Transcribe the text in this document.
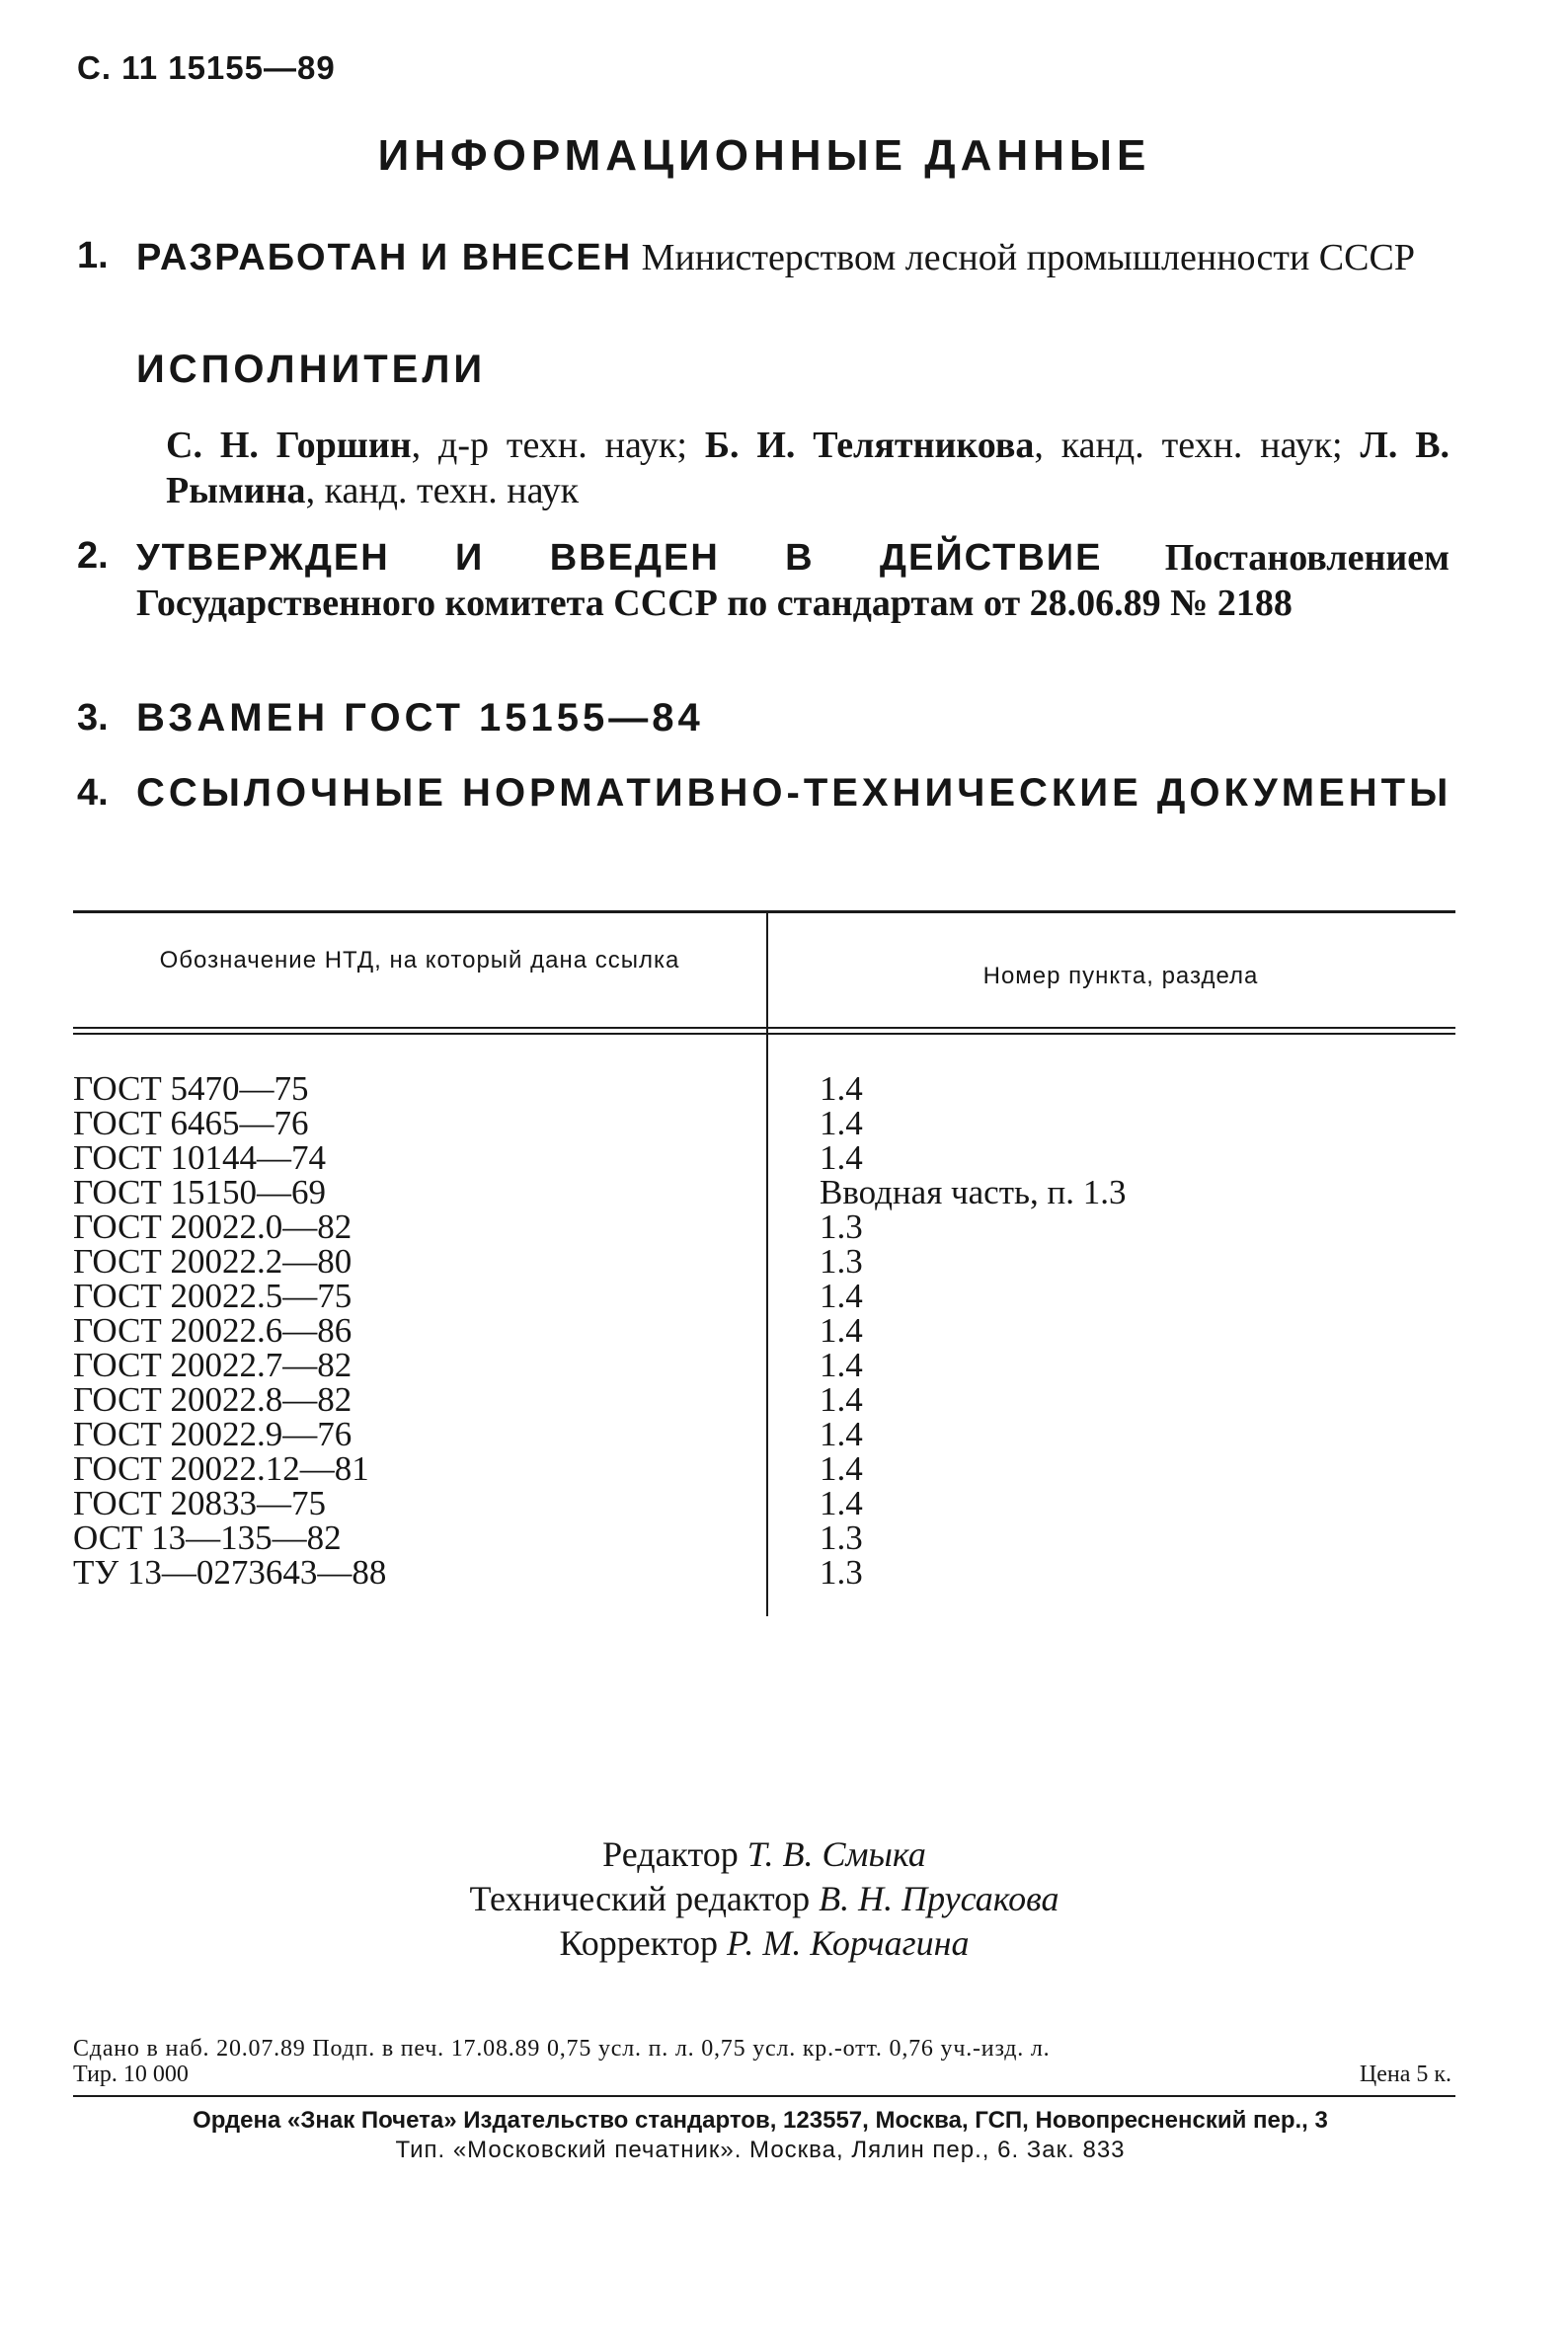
С. 11 15155—89
ИНФОРМАЦИОННЫЕ ДАННЫЕ
1. РАЗРАБОТАН И ВНЕСЕН Министерством лесной промышленности СССР
ИСПОЛНИТЕЛИ
С. Н. Горшин, д-р техн. наук; Б. И. Телятникова, канд. техн. наук; Л. В. Рымина, канд. техн. наук
2. УТВЕРЖДЕН И ВВЕДЕН В ДЕЙСТВИЕ Постановлением Государственного комитета СССР по стандартам от 28.06.89 № 2188
3. ВЗАМЕН ГОСТ 15155—84
4. ССЫЛОЧНЫЕ НОРМАТИВНО-ТЕХНИЧЕСКИЕ ДОКУМЕНТЫ
Обозначение НТД, на который дана ссылка
Номер пункта, раздела
ГОСТ 5470—75
ГОСТ 6465—76
ГОСТ 10144—74
ГОСТ 15150—69
ГОСТ 20022.0—82
ГОСТ 20022.2—80
ГОСТ 20022.5—75
ГОСТ 20022.6—86
ГОСТ 20022.7—82
ГОСТ 20022.8—82
ГОСТ 20022.9—76
ГОСТ 20022.12—81
ГОСТ 20833—75
ОСТ 13—135—82
ТУ 13—0273643—88
1.4
1.4
1.4
Вводная часть, п. 1.3
1.3
1.3
1.4
1.4
1.4
1.4
1.4
1.4
1.4
1.3
1.3
Редактор Т. В. Смыка
Технический редактор В. Н. Прусакова
Корректор Р. М. Корчагина
Сдано в наб. 20.07.89 Подп. в печ. 17.08.89 0,75 усл. п. л. 0,75 усл. кр.-отт. 0,76 уч.-изд. л.
Тир. 10 000	Цена 5 к.
Ордена «Знак Почета» Издательство стандартов, 123557, Москва, ГСП, Новопресненский пер., 3
Тип. «Московский печатник». Москва, Лялин пер., 6. Зак. 833
